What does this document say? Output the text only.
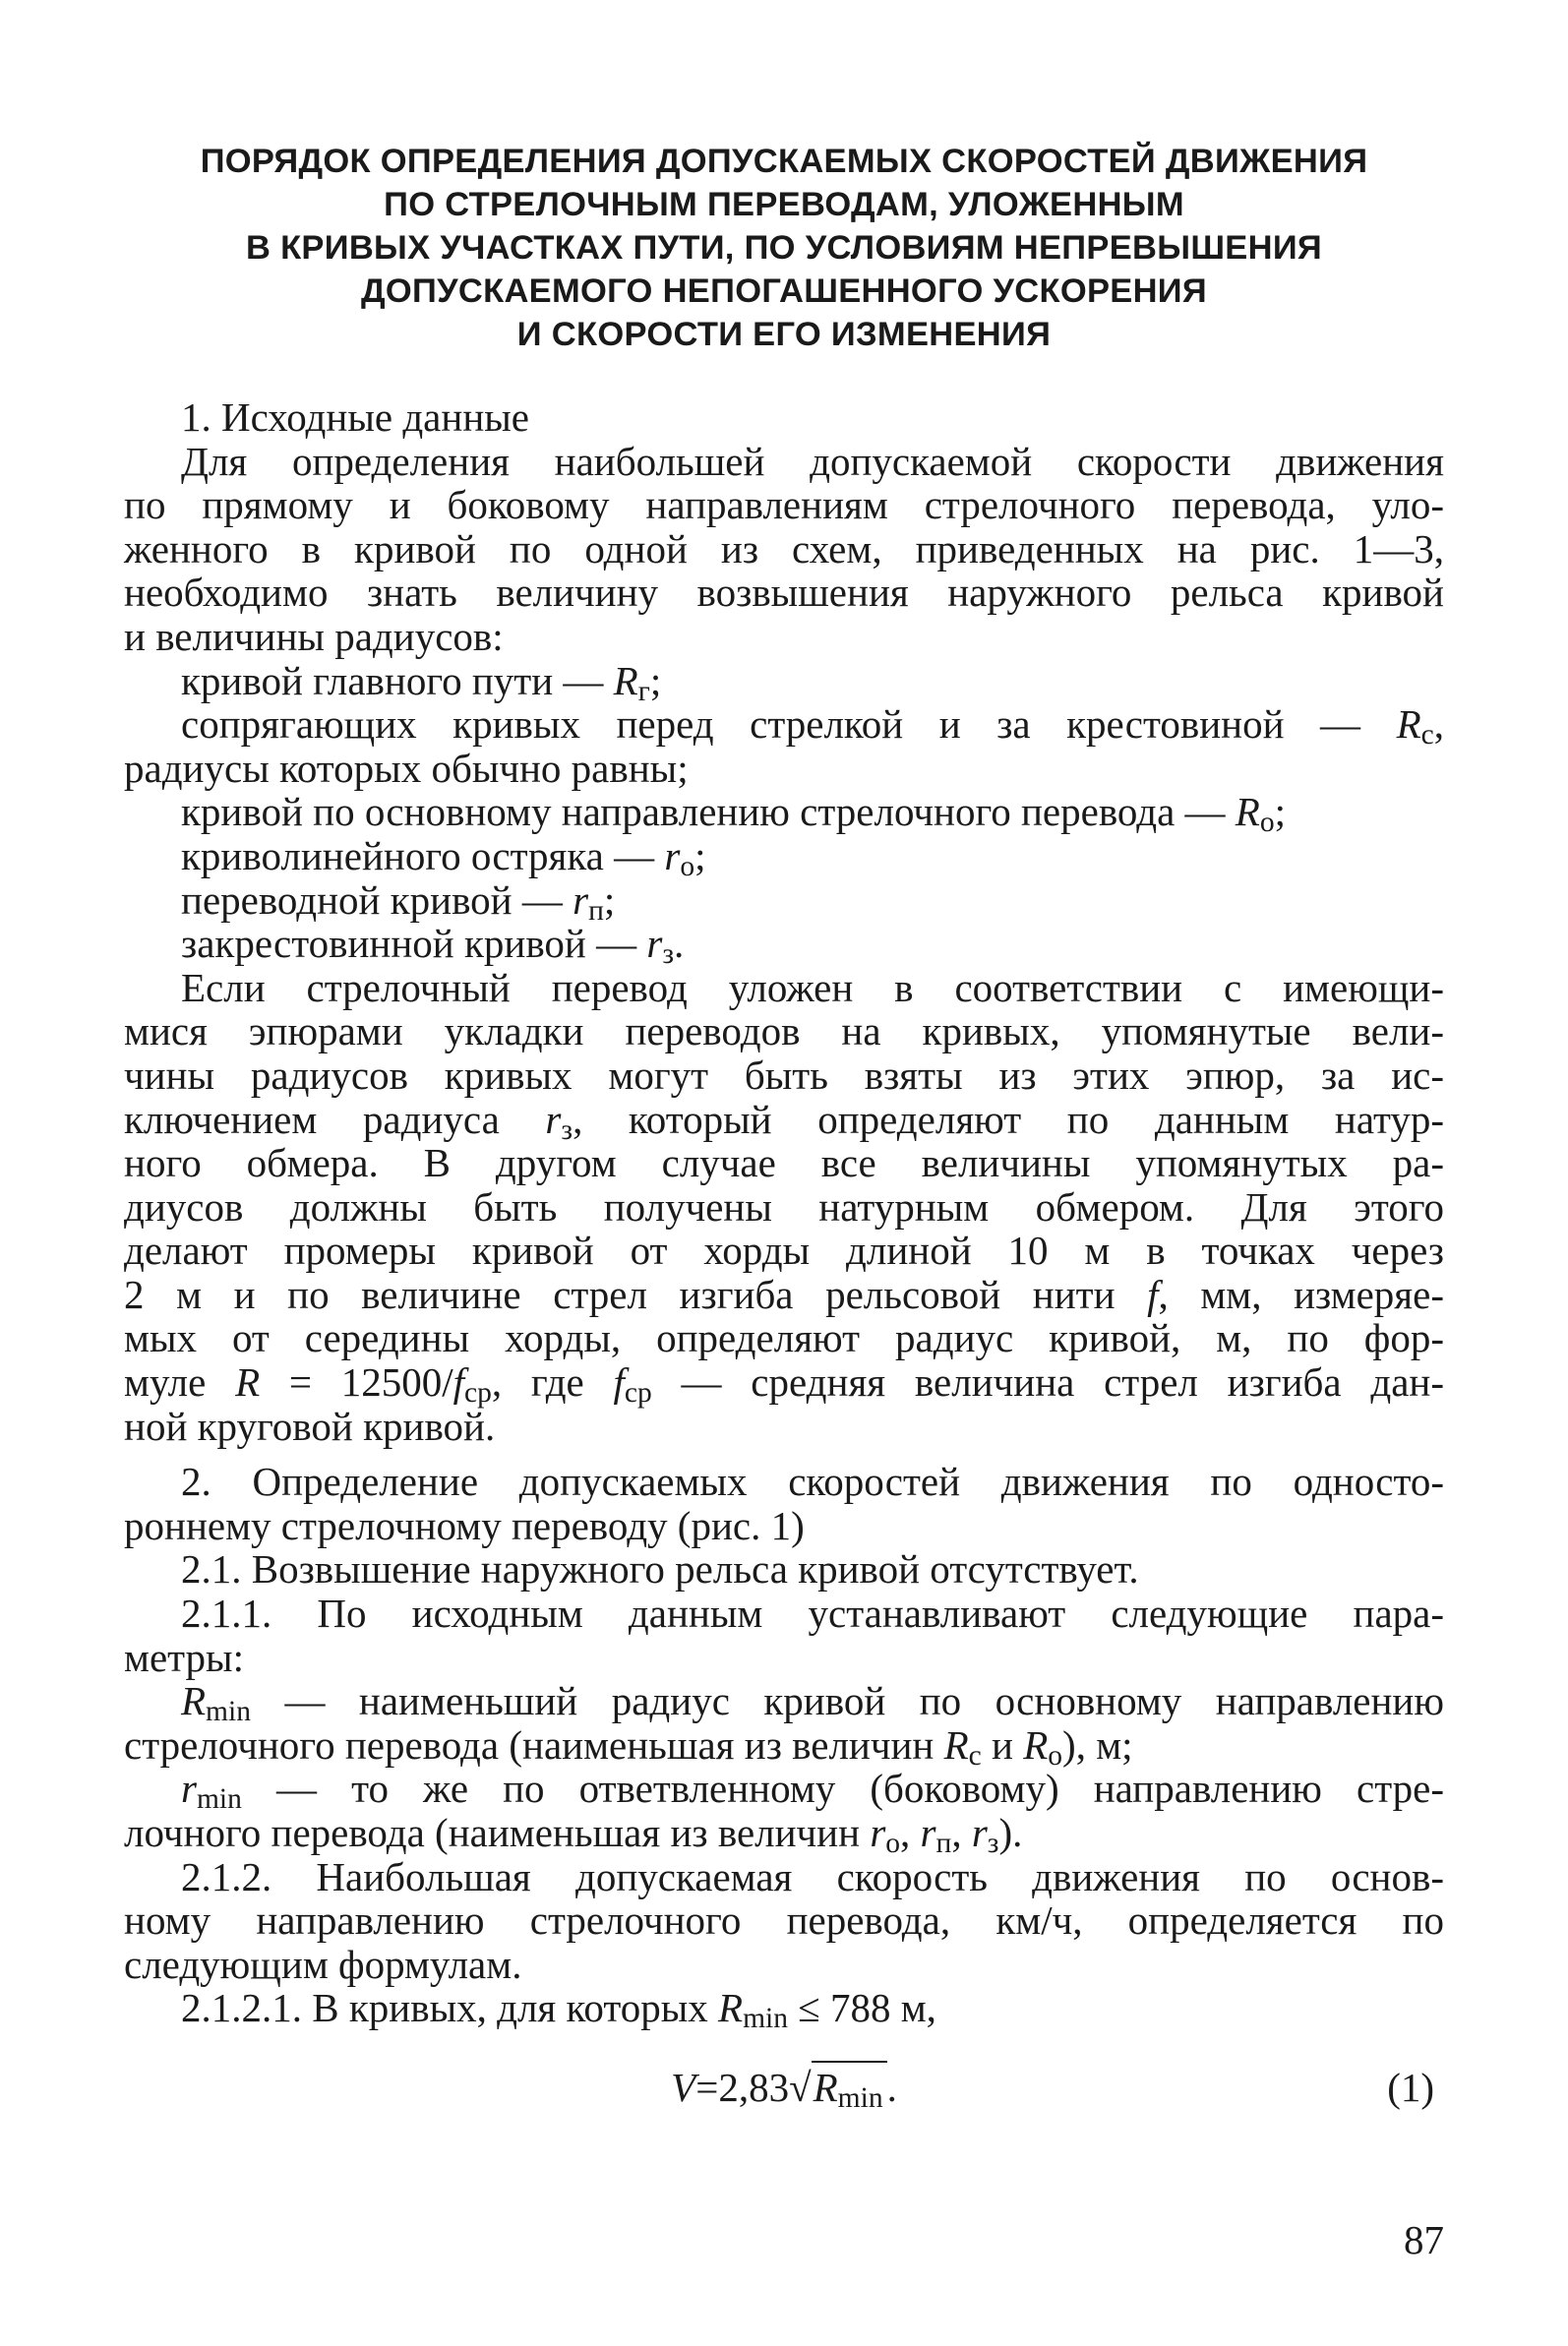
ПОРЯДОК ОПРЕДЕЛЕНИЯ ДОПУСКАЕМЫХ СКОРОСТЕЙ ДВИЖЕНИЯ
ПО СТРЕЛОЧНЫМ ПЕРЕВОДАМ, УЛОЖЕННЫМ
В КРИВЫХ УЧАСТКАХ ПУТИ, ПО УСЛОВИЯМ НЕПРЕВЫШЕНИЯ
ДОПУСКАЕМОГО НЕПОГАШЕННОГО УСКОРЕНИЯ
И СКОРОСТИ ЕГО ИЗМЕНЕНИЯ

1. Исходные данные

Для определения наибольшей допускаемой скорости движения

по прямому и боковому направлениям стрелочного перевода, уло-

женного в кривой по одной из схем, приведенных на рис. 1—3,

необходимо знать величину возвышения наружного рельса кривой

и величины радиусов:

кривой главного пути — $R_г$;

сопрягающих кривых перед стрелкой и за крестовиной — $R_с$,

радиусы которых обычно равны;

кривой по основному направлению стрелочного перевода — $R_о$;

криволинейного остряка — $r_о$;

переводной кривой — $r_п$;

закрестовинной кривой — $r_з$.

Если стрелочный перевод уложен в соответствии с имеющи-

мися эпюрами укладки переводов на кривых, упомянутые вели-

чины радиусов кривых могут быть взяты из этих эпюр, за ис-

ключением радиуса $r_з$, который определяют по данным натур-

ного обмера. В другом случае все величины упомянутых ра-

диусов должны быть получены натурным обмером. Для этого

делают промеры кривой от хорды длиной 10 м в точках через

2 м и по величине стрел изгиба рельсовой нити f, мм, измеряе-

мых от середины хорды, определяют радиус кривой, м, по фор-

муле $R = 12500/f_{ср}$, где $f_{ср}$ — средняя величина стрел изгиба дан-

ной круговой кривой.

2. Определение допускаемых скоростей движения по односто-

роннему стрелочному переводу (рис. 1)

2.1. Возвышение наружного рельса кривой отсутствует.

2.1.1. По исходным данным устанавливают следующие пара-

метры:

$R_{min}$ — наименьший радиус кривой по основному направлению

стрелочного перевода (наименьшая из величин $R_с$ и $R_о$), м;

$r_{min}$ — то же по ответвленному (боковому) направлению стре-

лочного перевода (наименьшая из величин $r_о$, $r_п$, $r_з$).

2.1.2. Наибольшая допускаемая скорость движения по основ-

ному направлению стрелочного перевода, км/ч, определяется по

следующим формулам.

2.1.2.1. В кривых, для которых $R_{min} \le 788$ м,

$V=2,83√R_{min}$.	(1)
87
